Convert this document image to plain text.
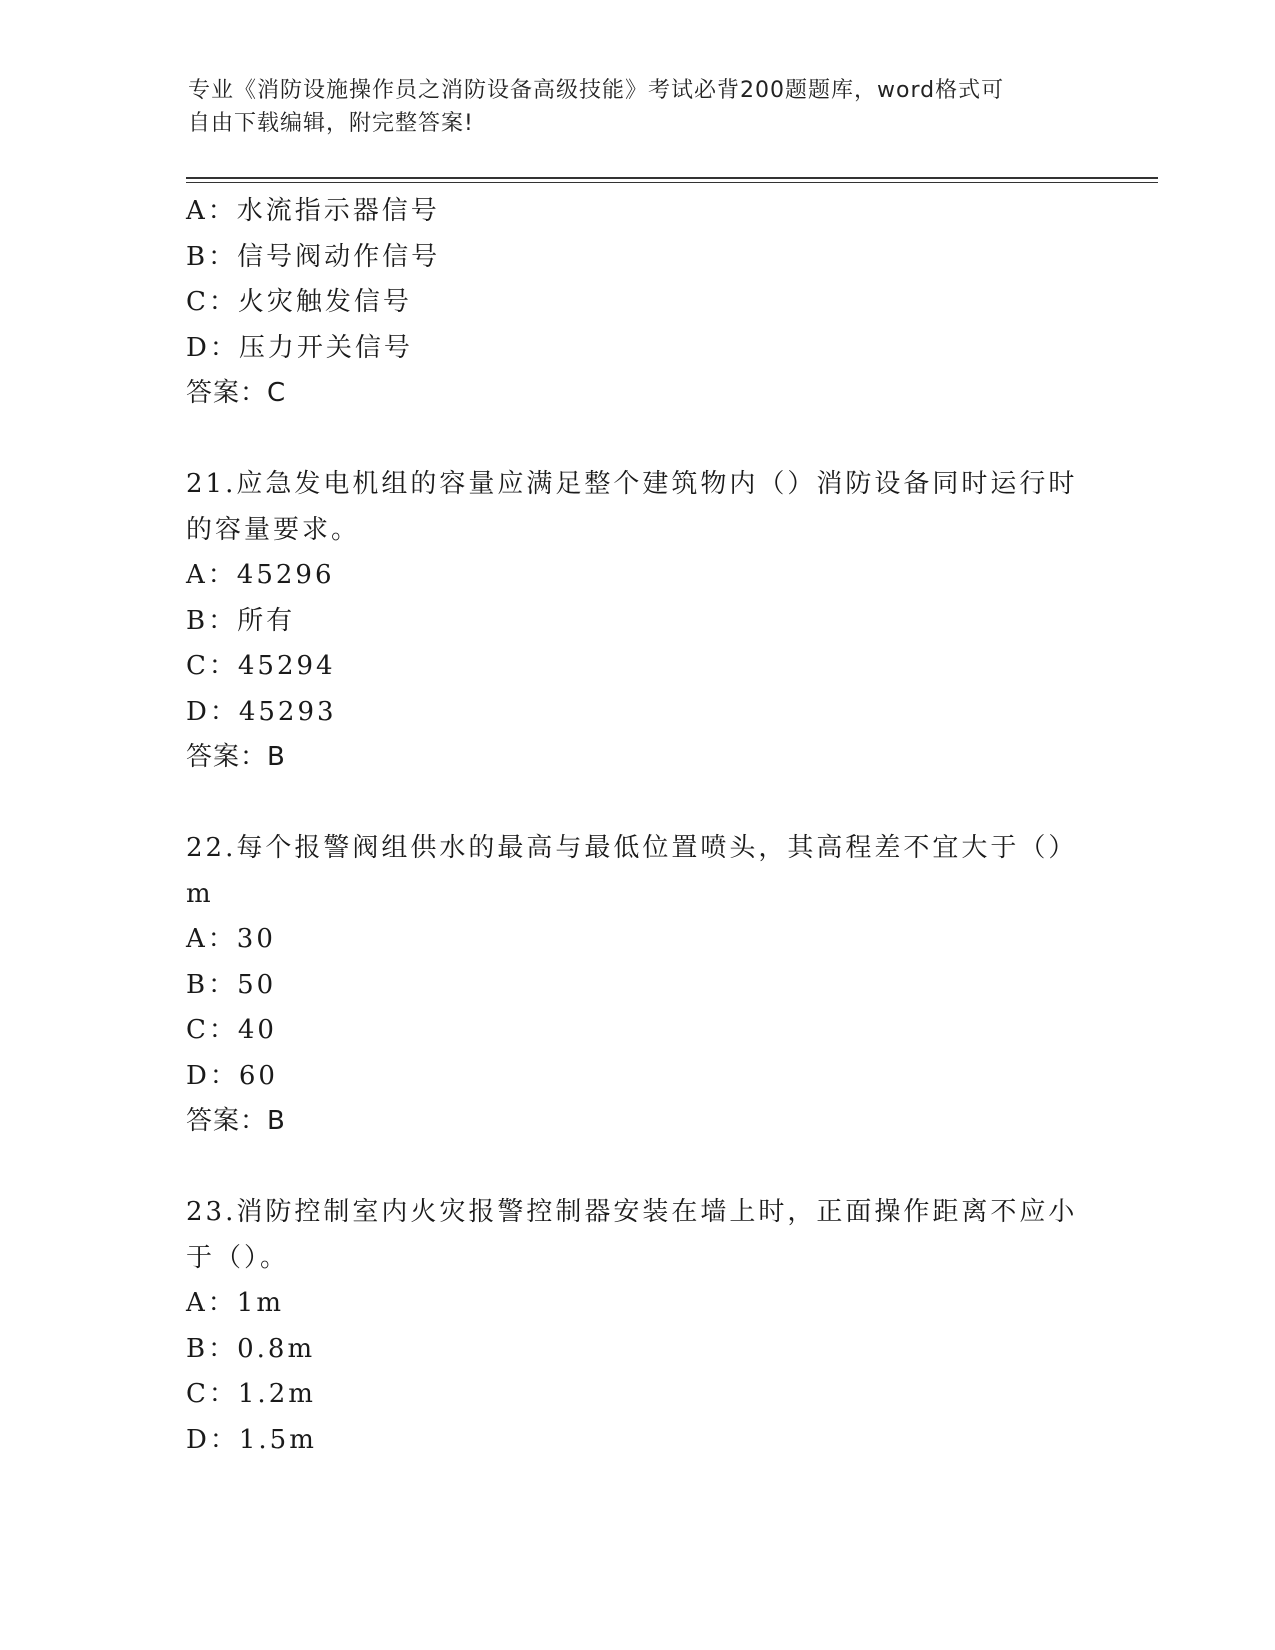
专业《消防设施操作员之消防设备高级技能》考试必背200题题库，word格式可
自由下载编辑，附完整答案!
A：水流指示器信号
B：信号阀动作信号
C：火灾触发信号
D：压力开关信号
答案：C
21.应急发电机组的容量应满足整个建筑物内（）消防设备同时运行时
的容量要求。
A：45296
B：所有
C：45294
D：45293
答案：B
22.每个报警阀组供水的最高与最低位置喷头，其高程差不宜大于（）
m
A：30
B：50
C：40
D：60
答案：B
23.消防控制室内火灾报警控制器安装在墙上时，正面操作距离不应小
于（）。
A：1m
B：0.8m
C：1.2m
D：1.5m
